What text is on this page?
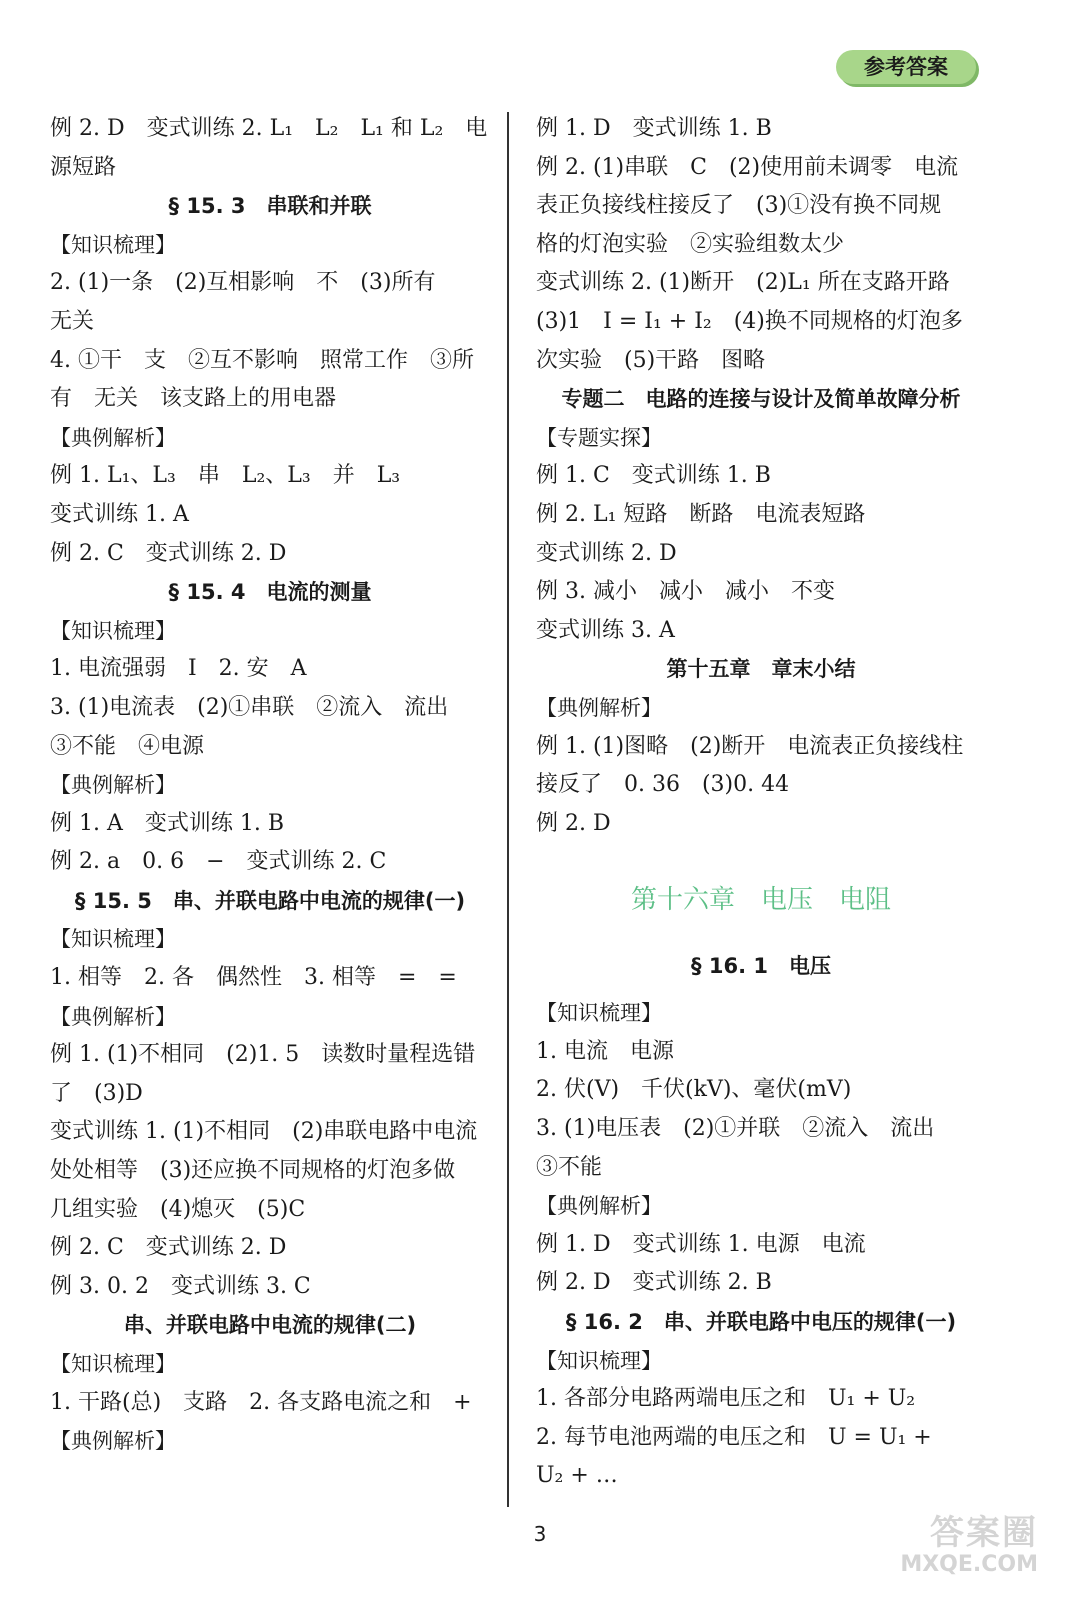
参考答案
例 2. D　变式训练 2. L₁　L₂　L₁ 和 L₂　电
源短路
§ 15. 3　串联和并联
【知识梳理】
2. (1)一条　(2)互相影响　不　(3)所有
无关
4. ①干　支　②互不影响　照常工作　③所
有　无关　该支路上的用电器
【典例解析】
例 1. L₁、L₃　串　L₂、L₃　并　L₃
变式训练 1. A
例 2. C　变式训练 2. D
§ 15. 4　电流的测量
【知识梳理】
1. 电流强弱　I　2. 安　A
3. (1)电流表　(2)①串联　②流入　流出
③不能　④电源
【典例解析】
例 1. A　变式训练 1. B
例 2. a　0. 6　−　变式训练 2. C
§ 15. 5　串、并联电路中电流的规律(一)
【知识梳理】
1. 相等　2. 各　偶然性　3. 相等　=　=
【典例解析】
例 1. (1)不相同　(2)1. 5　读数时量程选错
了　(3)D
变式训练 1. (1)不相同　(2)串联电路中电流
处处相等　(3)还应换不同规格的灯泡多做
几组实验　(4)熄灭　(5)C
例 2. C　变式训练 2. D
例 3. 0. 2　变式训练 3. C
串、并联电路中电流的规律(二)
【知识梳理】
1. 干路(总)　支路　2. 各支路电流之和　+
【典例解析】
例 1. D　变式训练 1. B
例 2. (1)串联　C　(2)使用前未调零　电流
表正负接线柱接反了　(3)①没有换不同规
格的灯泡实验　②实验组数太少
变式训练 2. (1)断开　(2)L₁ 所在支路开路
(3)1　I = I₁ + I₂　(4)换不同规格的灯泡多
次实验　(5)干路　图略
专题二　电路的连接与设计及简单故障分析
【专题实探】
例 1. C　变式训练 1. B
例 2. L₁ 短路　断路　电流表短路
变式训练 2. D
例 3. 减小　减小　减小　不变
变式训练 3. A
第十五章　章末小结
【典例解析】
例 1. (1)图略　(2)断开　电流表正负接线柱
接反了　0. 36　(3)0. 44
例 2. D
第十六章　电压　电阻
§ 16. 1　电压
【知识梳理】
1. 电流　电源
2. 伏(V)　千伏(kV)、毫伏(mV)
3. (1)电压表　(2)①并联　②流入　流出
③不能
【典例解析】
例 1. D　变式训练 1. 电源　电流
例 2. D　变式训练 2. B
§ 16. 2　串、并联电路中电压的规律(一)
【知识梳理】
1. 各部分电路两端电压之和　U₁ + U₂
2. 每节电池两端的电压之和　U = U₁ +
U₂ + …
3	答案圈
MXQE.COM
